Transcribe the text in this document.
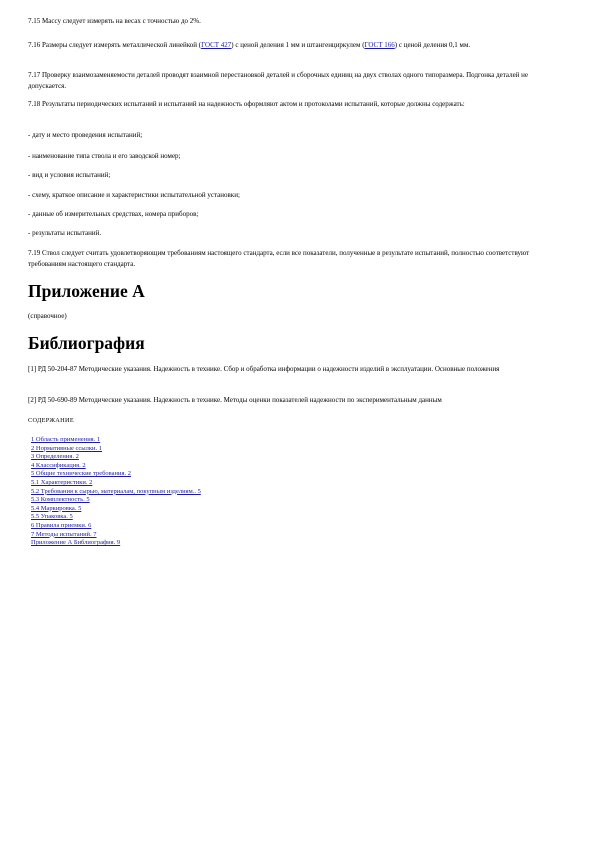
7.15 Массу следует измерять на весах с точностью до 2%.

7.16 Размеры следует измерять металлической линейкой (ГОСТ 427) с ценой деления 1 мм и штангенциркулем (ГОСТ 166) с ценой деления 0,1 мм.

7.17 Проверку взаимозаменяемости деталей проводят взаимной перестановкой деталей и сборочных единиц на двух стволах одного типоразмера. Подгонка деталей не допускается.

7.18 Результаты периодических испытаний и испытаний на надежность оформляют актом и протоколами испытаний, которые должны содержать:

- дату и место проведения испытаний;

- наименование типа ствола и его заводской номер;

- вид и условия испытаний;

- схему, краткое описание и характеристики испытательной установки;

- данные об измерительных средствах, номера приборов;

- результаты испытаний.

7.19 Ствол следует считать удовлетворяющим требованиям настоящего стандарта, если все показатели, полученные в результате испытаний, полностью соответствуют требованиям настоящего стандарта.

Приложение А

(справочное)

Библиография

[1] РД 50-204-87 Методические указания. Надежность в технике. Сбор и обработка информации о надежности изделий в эксплуатации. Основные положения

[2] РД 50-690-89 Методические указания. Надежность в технике. Методы оценки показателей надежности по экспериментальным данным

СОДЕРЖАНИЕ

1 Область применения. 1
2 Нормативные ссылки. 1
3 Определения. 2
4 Классификация. 2
5 Общие технические требования. 2
5.1 Характеристики. 2
5.2 Требования к сырью, материалам, покупным изделиям.. 5
5.3 Комплектность. 5
5.4 Маркировка. 5
5.5 Упаковка. 5
6 Правила приемки. 6
7 Методы испытаний. 7
Приложение А Библиография. 9
